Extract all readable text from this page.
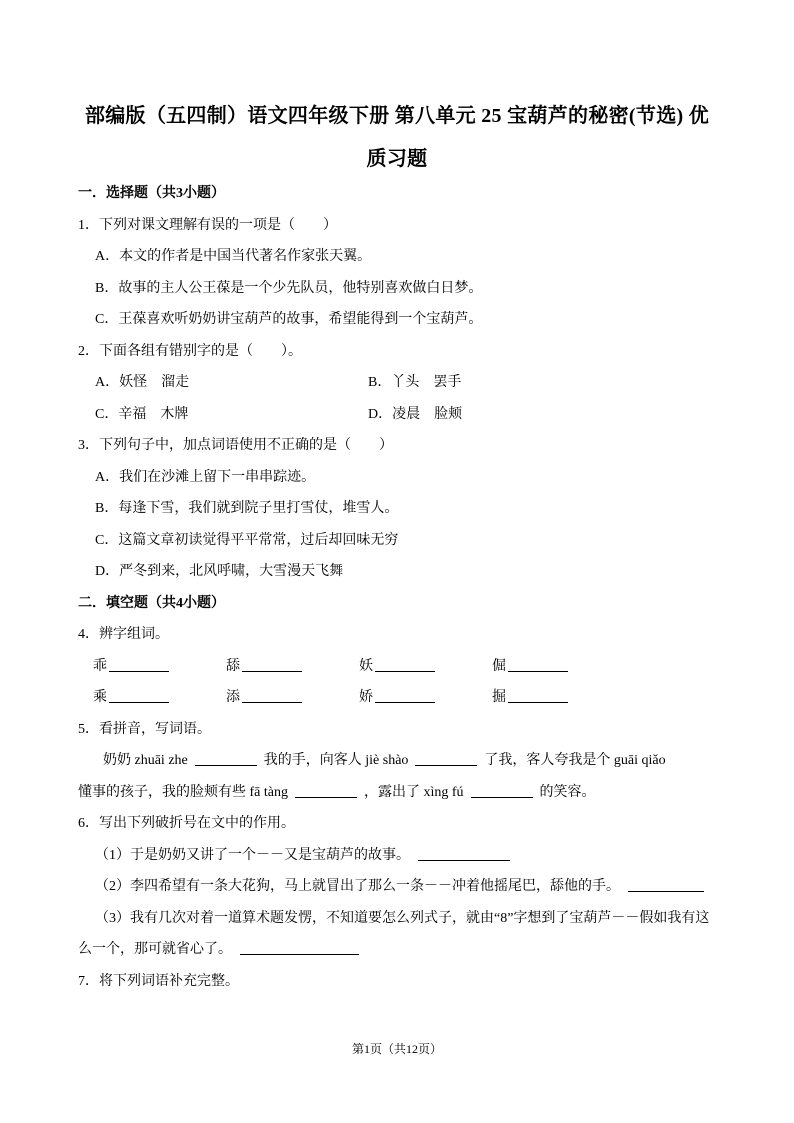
部编版（五四制）语文四年级下册 第八单元 25 宝葫芦的秘密(节选) 优
质习题
一．选择题（共3小题）
1．下列对课文理解有误的一项是（　　）
A．本文的作者是中国当代著名作家张天翼。
B．故事的主人公王葆是一个少先队员，他特别喜欢做白日梦。
C．王葆喜欢听奶奶讲宝葫芦的故事，希望能得到一个宝葫芦。
2．下面各组有错别字的是（　　）。
A．妖怪　溜走	B．丫头　罢手
C．辛福　木牌	D．凌晨　脸颊
3．下列句子中，加点词语使用不正确的是（　　）
A．我们在沙滩上留下一串串踪迹。
B．每逢下雪，我们就到院子里打雪仗，堆雪人。
C．这篇文章初读觉得平平常常，过后却回味无穷
D．严冬到来，北风呼啸，大雪漫天飞舞
二．填空题（共4小题）
4．辨字组词。
乖	舔	妖	倔
乘	添	娇	掘
5．看拼音，写词语。
奶奶 zhuāi zhe	我的手，向客人 jiè shào	了我，客人夸我是个 guāi qiǎo
懂事的孩子，我的脸颊有些 fā tàng	，露出了 xìng fú	的笑容。
6．写出下列破折号在文中的作用。
（1）于是奶奶又讲了一个－－又是宝葫芦的故事。
（2）李四希望有一条大花狗，马上就冒出了那么一条－－冲着他摇尾巴，舔他的手。
（3）我有几次对着一道算术题发愣，不知道要怎么列式子，就由“8”字想到了宝葫芦－－假如我有这
么一个，那可就省心了。
7．将下列词语补充完整。
第1页（共12页）
